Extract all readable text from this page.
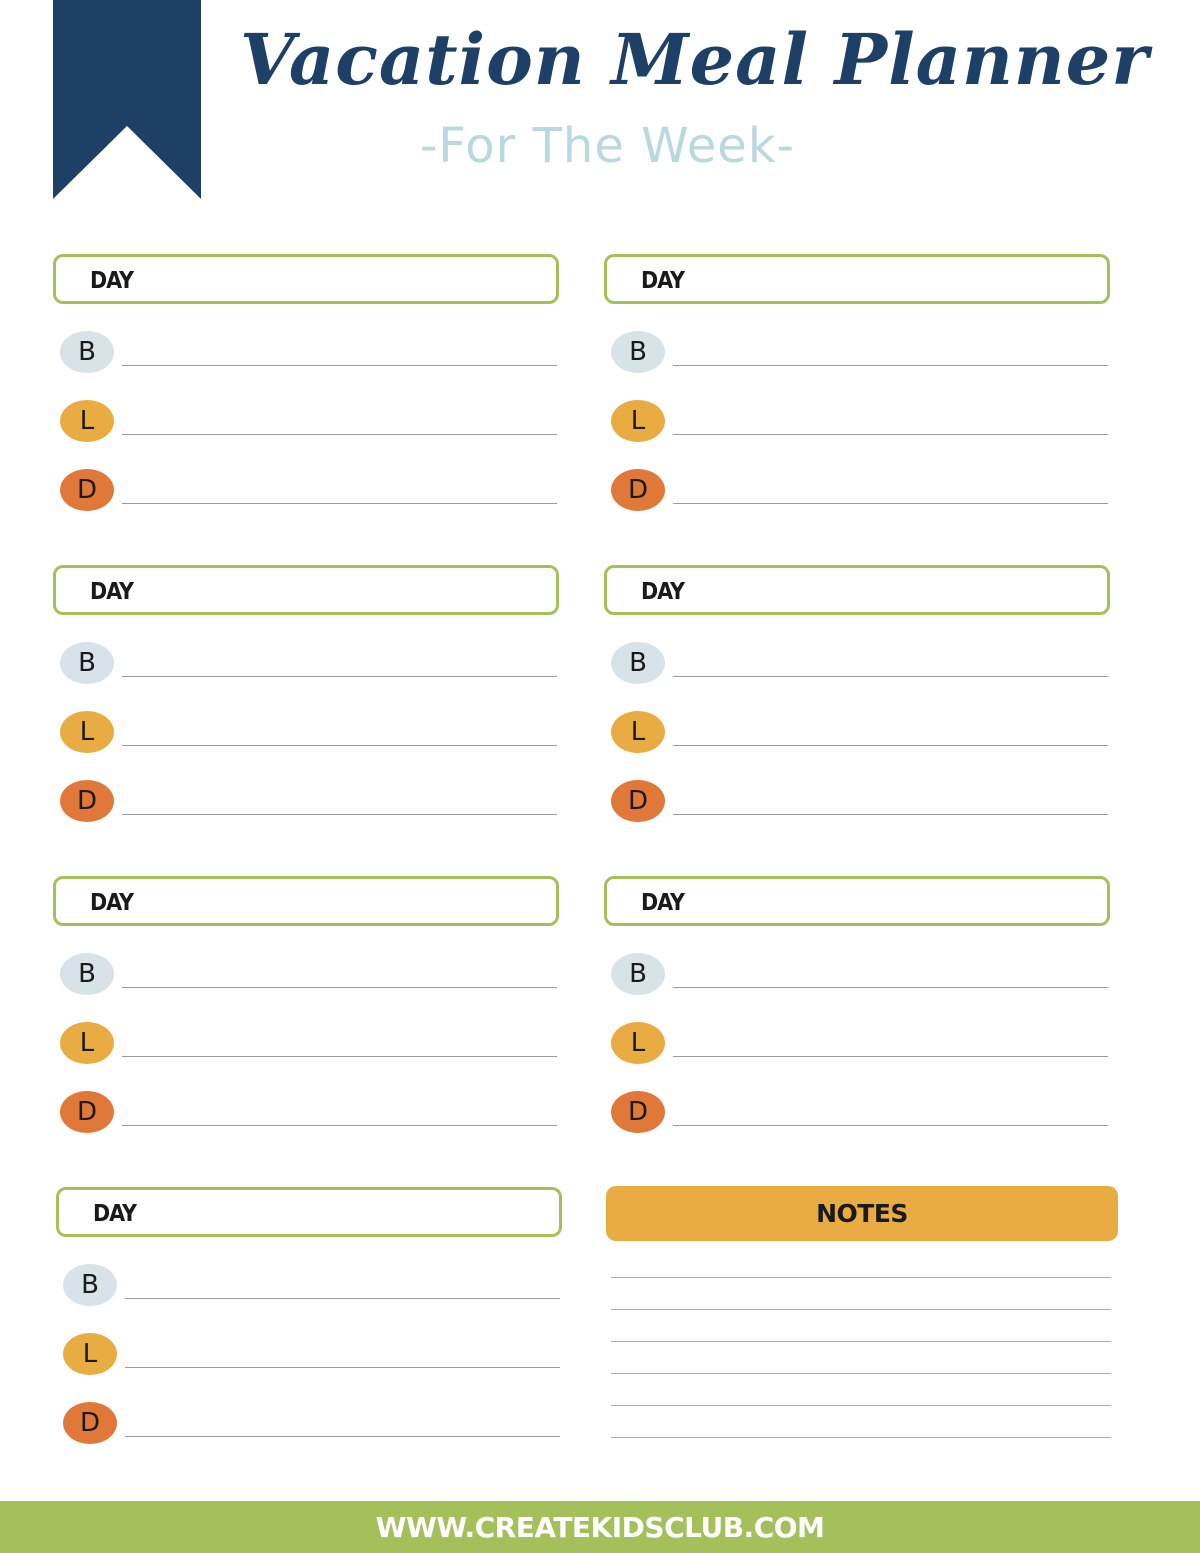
Vacation Meal Planner
-For The Week-
DAY
B
L
D
DAY
B
L
D
DAY
B
L
D
DAY
B
L
D
DAY
B
L
D
DAY
B
L
D
DAY
B
L
D
NOTES
WWW.CREATEKIDSCLUB.COM
